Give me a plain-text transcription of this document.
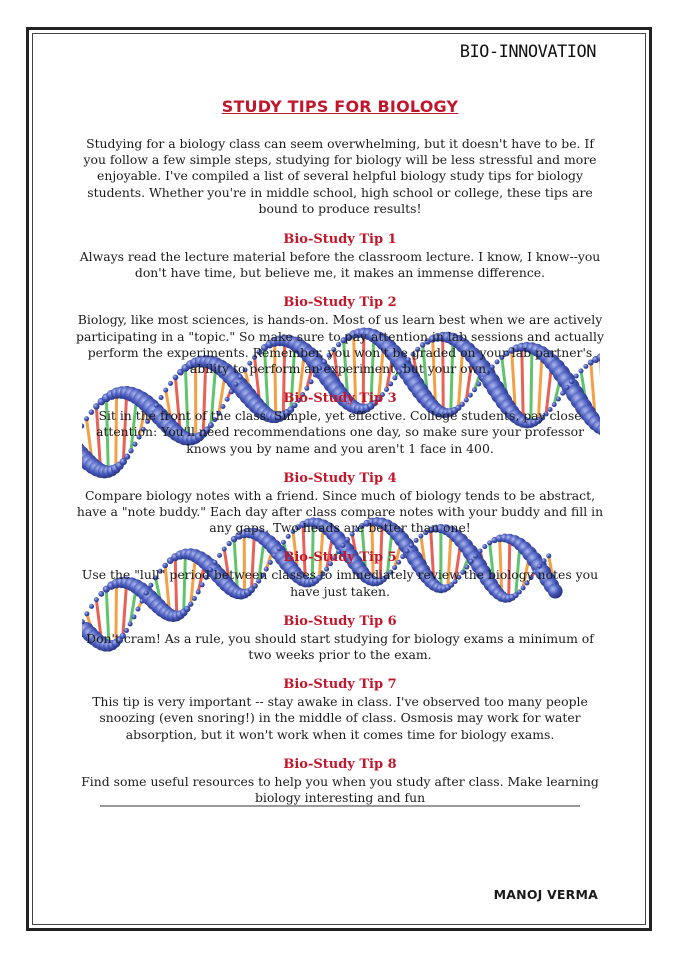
BIO-INNOVATION
STUDY TIPS FOR BIOLOGY

Studying for a biology class can seem overwhelming, but it doesn't have to be. If you follow a few simple steps, studying for biology will be less stressful and more enjoyable. I've compiled a list of several helpful biology study tips for biology students. Whether you're in middle school, high school or college, these tips are bound to produce results!

Bio-Study Tip 1

Always read the lecture material before the classroom lecture. I know, I know--you don't have time, but believe me, it makes an immense difference.

Bio-Study Tip 2

Biology, like most sciences, is hands-on. Most of us learn best when we are actively participating in a "topic." So make sure to pay attention in lab sessions and actually perform the experiments. Remember, you won't be graded on your lab partner's ability to perform an experiment, but your own.

Bio-Study Tip 3

Sit in the front of the class. Simple, yet effective. College students, pay close attention: You'll need recommendations one day, so make sure your professor knows you by name and you aren't 1 face in 400.

Bio-Study Tip 4

Compare biology notes with a friend. Since much of biology tends to be abstract, have a "note buddy." Each day after class compare notes with your buddy and fill in any gaps. Two heads are better than one!

Bio-Study Tip 5

Use the "lull" period between classes to immediately review the biology notes you have just taken.

Bio-Study Tip 6

Don't cram! As a rule, you should start studying for biology exams a minimum of two weeks prior to the exam.

Bio-Study Tip 7

This tip is very important -- stay awake in class. I've observed too many people snoozing (even snoring!) in the middle of class. Osmosis may work for water absorption, but it won't work when it comes time for biology exams.

Bio-Study Tip 8

Find some useful resources to help you when you study after class. Make learning biology interesting and fun

MANOJ VERMA
